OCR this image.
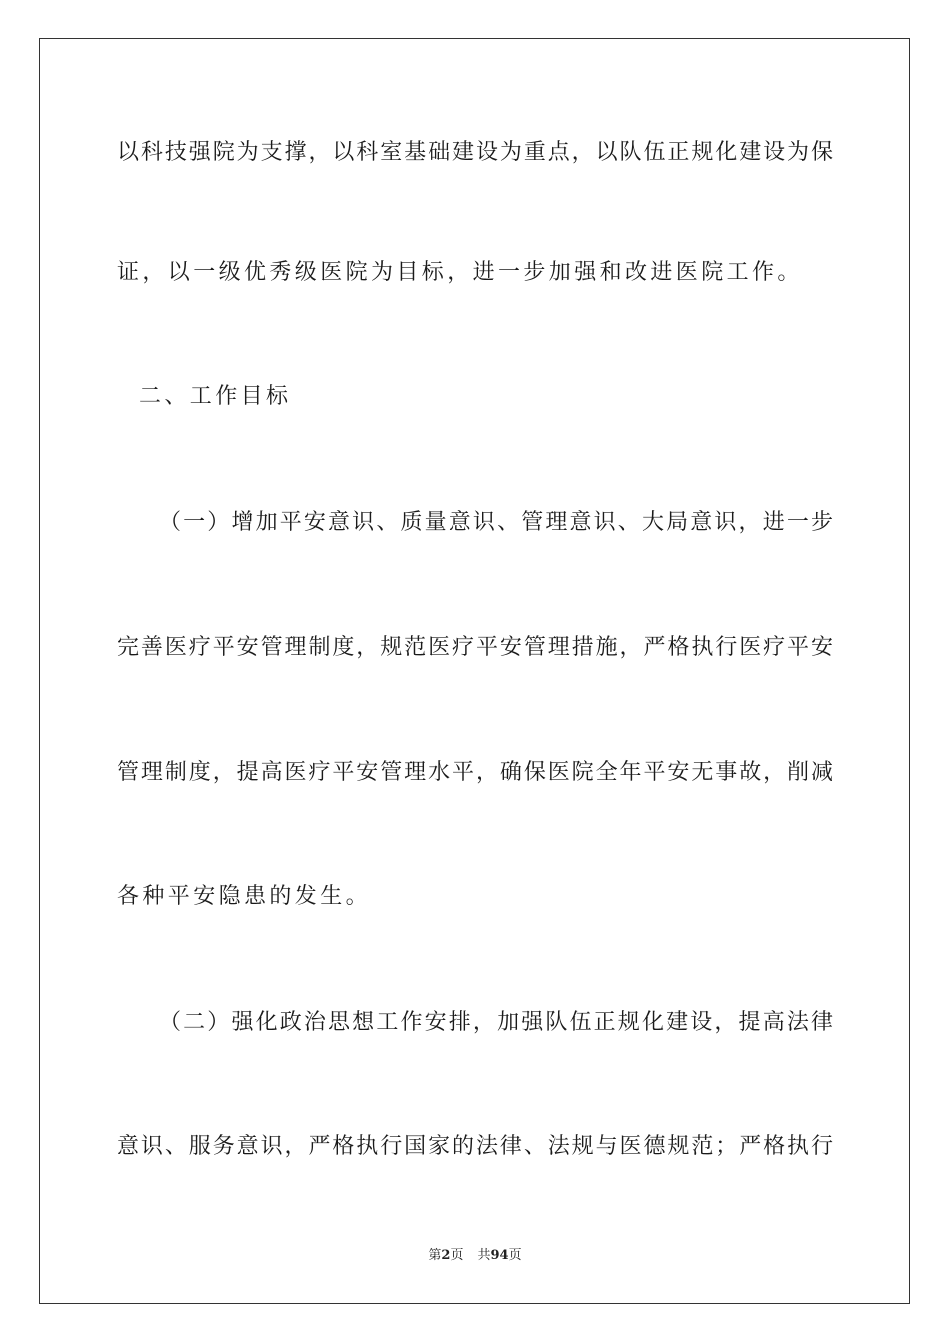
以科技强院为支撑，以科室基础建设为重点，以队伍正规化建设为保
证，以一级优秀级医院为目标，进一步加强和改进医院工作。
二、工作目标
（一）增加平安意识、质量意识、管理意识、大局意识，进一步
完善医疗平安管理制度，规范医疗平安管理措施，严格执行医疗平安
管理制度，提高医疗平安管理水平，确保医院全年平安无事故，削减
各种平安隐患的发生。
（二）强化政治思想工作安排，加强队伍正规化建设，提高法律
意识、服务意识，严格执行国家的法律、法规与医德规范；严格执行
第2页 共94页
